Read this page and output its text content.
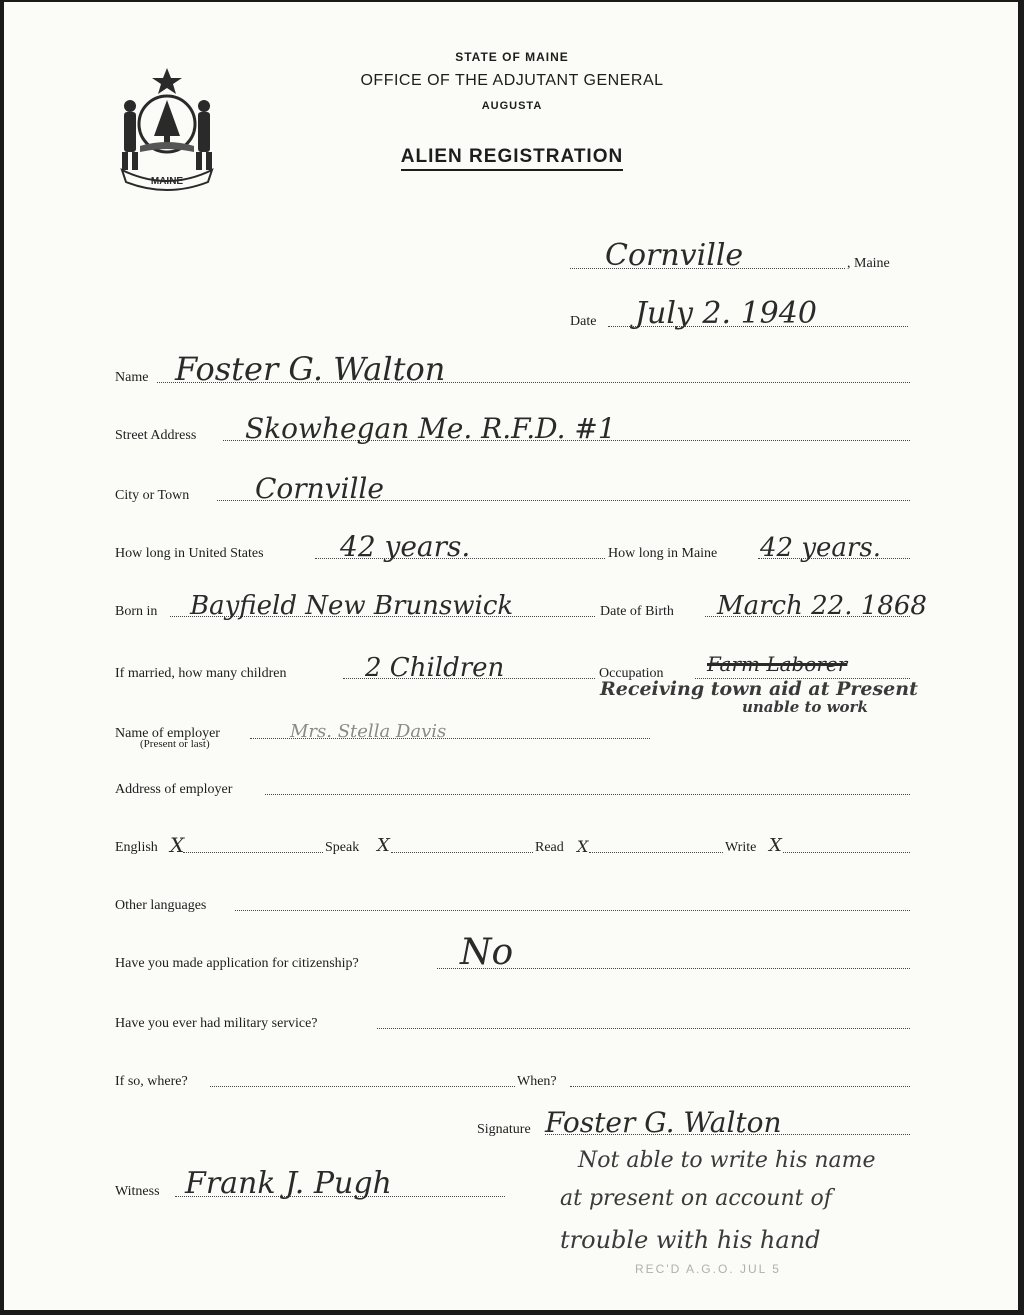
STATE OF MAINE
OFFICE OF THE ADJUTANT GENERAL
AUGUSTA
ALIEN REGISTRATION
MAINE
Cornville	, Maine
Date July 2. 1940
Name Foster G. Walton
Street Address Skowhegan Me. R.F.D. #1
City or Town Cornville
How long in United States	42 years.	How long in Maine 42 years.
Born in Bayfield New Brunswick	Date of Birth March 22. 1868
If married, how many children	2 Children	Occupation Farm Laborer
Receiving town aid at Present
unable to work
Name of employer	Mrs. Stella Davis
(Present or last)
Address of employer
English X	Speak X	Read X	Write X
Other languages
Have you made application for citizenship?	No
Have you ever had military service?
If so, where?	When?
Signature Foster G. Walton
Witness Frank J. Pugh
Not able to write his name
at present on account of
trouble with his hand
REC'D A.G.O. JUL 5
